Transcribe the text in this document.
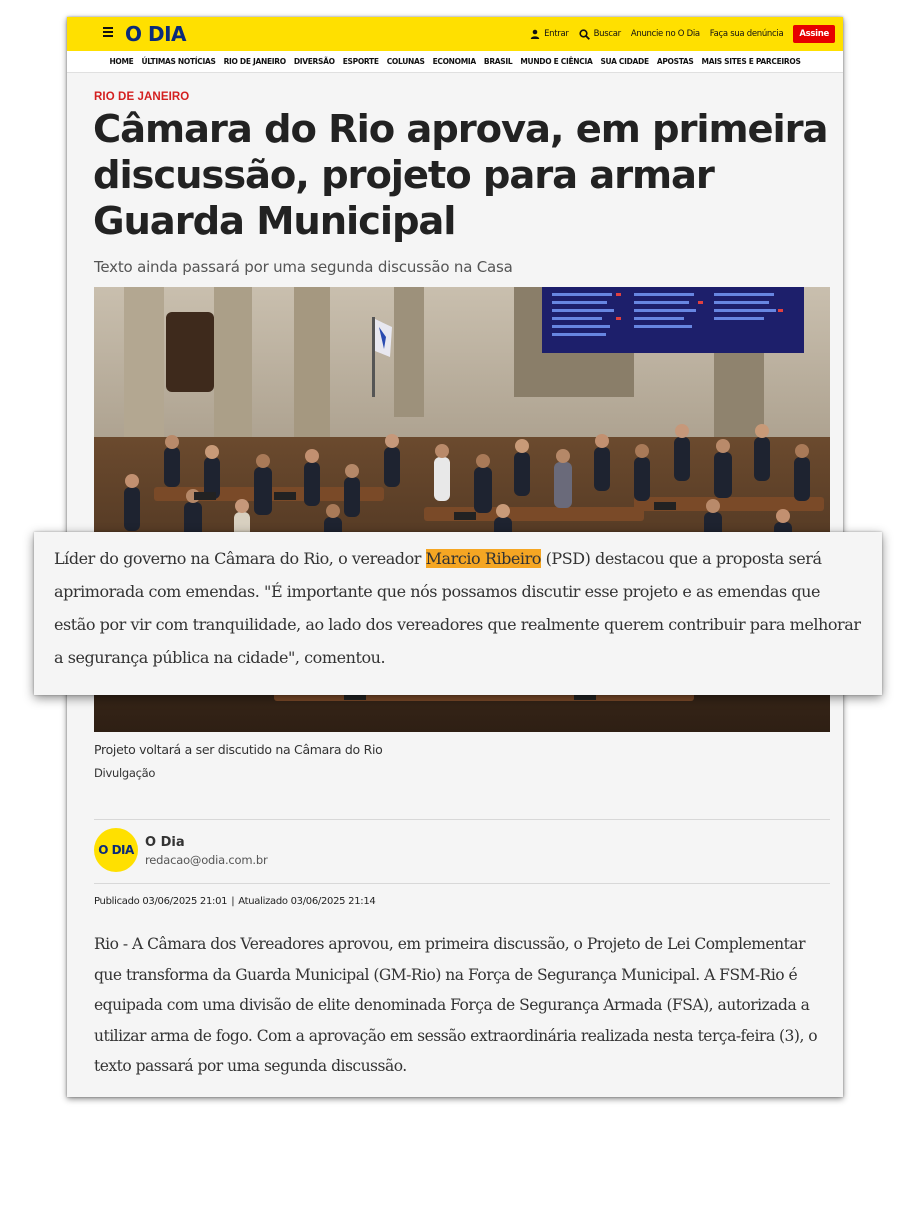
O DIA	Entrar	Buscar Anuncie no O Dia Faça sua denúncia	Assine
HOME ÚLTIMAS NOTÍCIAS RIO DE JANEIRO DIVERSÃO ESPORTE COLUNAS ECONOMIA BRASIL MUNDO E CIÊNCIA SUA CIDADE APOSTAS MAIS SITES E PARCEIROS
RIO DE JANEIRO
Câmara do Rio aprova, em primeira discussão, projeto para armar Guarda Municipal
Texto ainda passará por uma segunda discussão na Casa
Projeto voltará a ser discutido na Câmara do Rio
Divulgação
O DIA O Dia
redacao@odia.com.br
Publicado 03/06/2025 21:01 | Atualizado 03/06/2025 21:14

Rio - A Câmara dos Vereadores aprovou, em primeira discussão, o Projeto de Lei Complementar que transforma da Guarda Municipal (GM-Rio) na Força de Segurança Municipal. A FSM-Rio é equipada com uma divisão de elite denominada Força de Segurança Armada (FSA), autorizada a utilizar arma de fogo. Com a aprovação em sessão extraordinária realizada nesta terça-feira (3), o texto passará por uma segunda discussão.

Líder do governo na Câmara do Rio, o vereador Marcio Ribeiro (PSD) destacou que a proposta será aprimorada com emendas. "É importante que nós possamos discutir esse projeto e as emendas que estão por vir com tranquilidade, ao lado dos vereadores que realmente querem contribuir para melhorar a segurança pública na cidade", comentou.
